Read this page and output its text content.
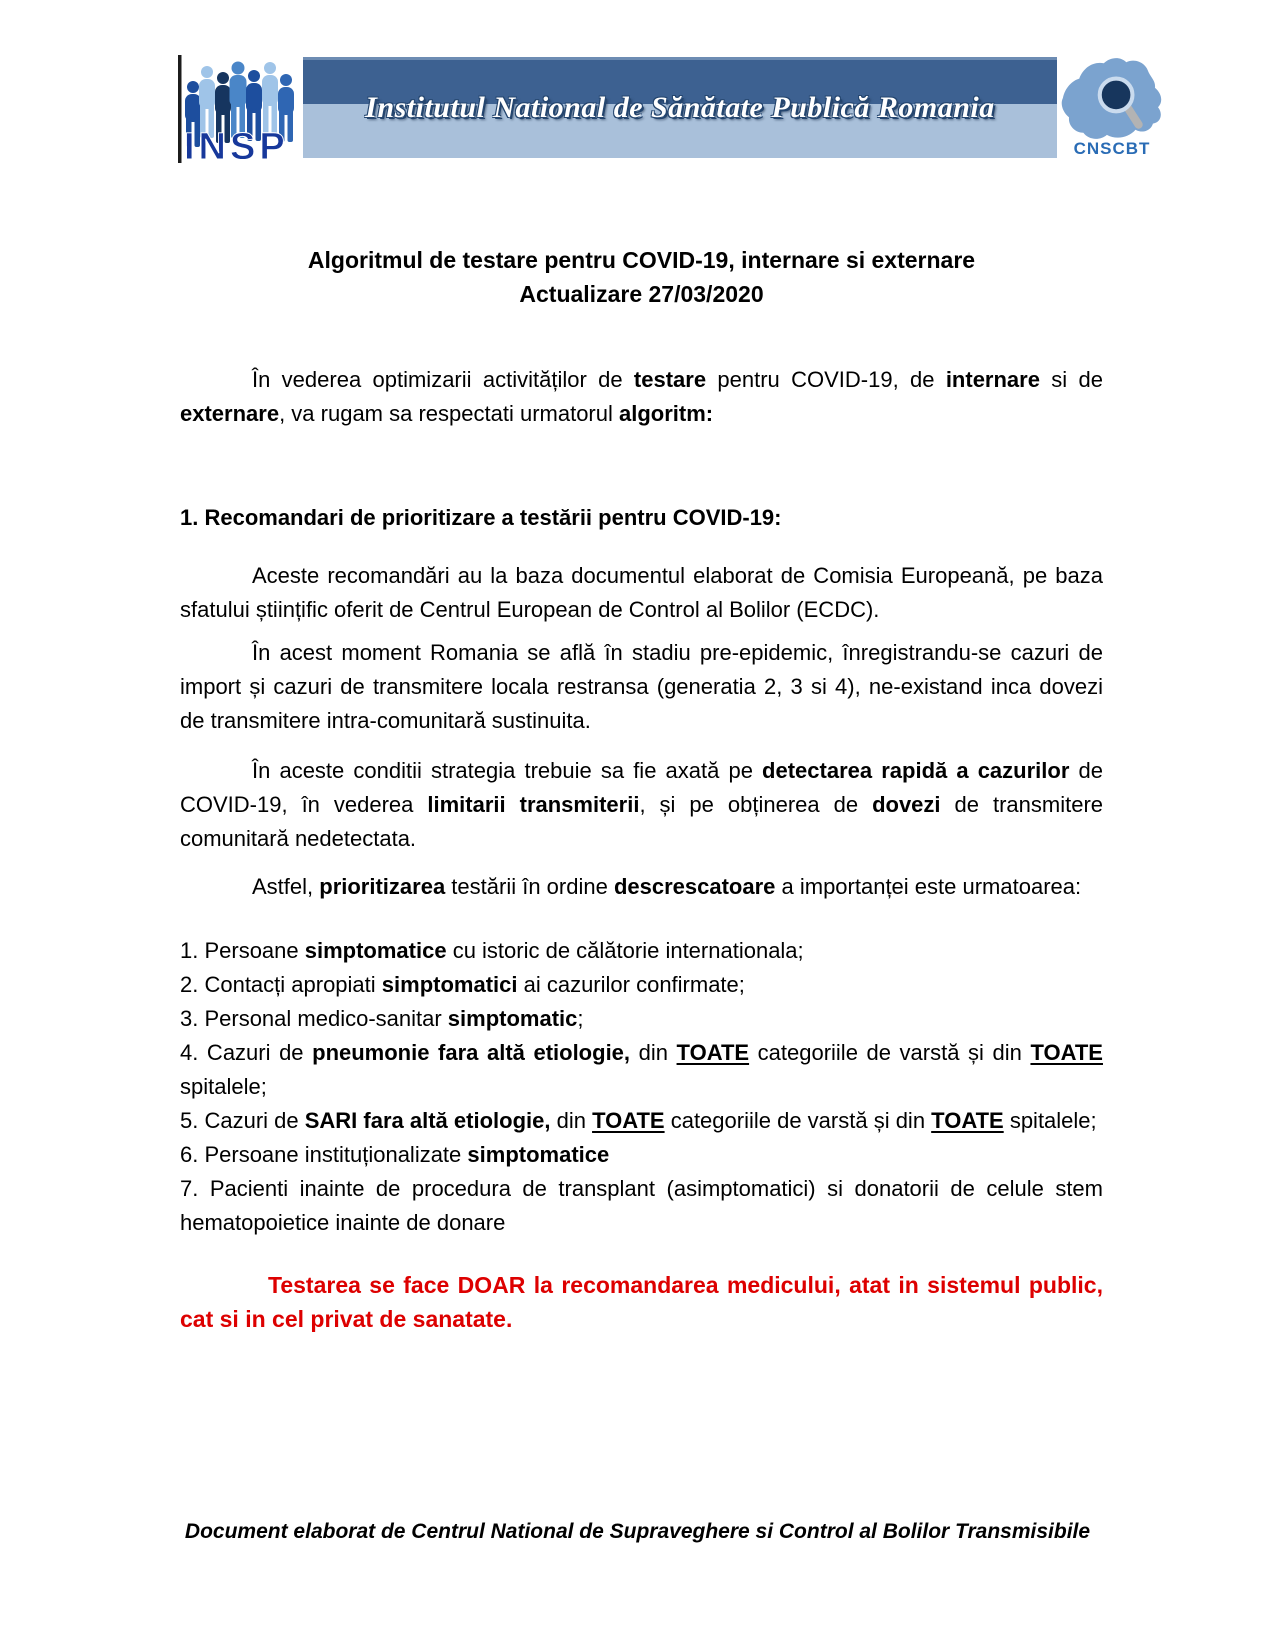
INSP
Institutul National de Sănătate Publică Romania
CNSCBT
Algoritmul de testare pentru COVID-19, internare si externare
Actualizare 27/03/2020

În vederea optimizarii activităților de testare pentru COVID-19, de internare si de externare, va rugam sa respectati urmatorul algoritm:

1. Recomandari de prioritizare a testării pentru COVID-19:

Aceste recomandări au la baza documentul elaborat de Comisia Europeană, pe baza sfatului științific oferit de Centrul European de Control al Bolilor (ECDC).

În acest moment Romania se află în stadiu pre-epidemic, înregistrandu-se cazuri de import și cazuri de transmitere locala restransa (generatia 2, 3 si 4), ne-existand inca dovezi de transmitere intra-comunitară sustinuita.

În aceste conditii strategia trebuie sa fie axată pe detectarea rapidă a cazurilor de COVID-19, în vederea limitarii transmiterii, și pe obținerea de dovezi de transmitere comunitară nedetectata.

Astfel, prioritizarea testării în ordine descrescatoare a importanței este urmatoarea:

1. Persoane simptomatice cu istoric de călătorie internationala;

2. Contacți apropiati simptomatici ai cazurilor confirmate;

3. Personal medico-sanitar simptomatic;

4. Cazuri de pneumonie fara altă etiologie, din TOATE categoriile de varstă și din TOATE spitalele;

5. Cazuri de SARI fara altă etiologie, din TOATE categoriile de varstă și din TOATE spitalele;

6. Persoane instituționalizate simptomatice

7. Pacienti inainte de procedura de transplant (asimptomatici) si donatorii de celule stem hematopoietice inainte de donare

Testarea se face DOAR la recomandarea medicului, atat in sistemul public, cat si in cel privat de sanatate.

Document elaborat de Centrul National de Supraveghere si Control al Bolilor Transmisibile
